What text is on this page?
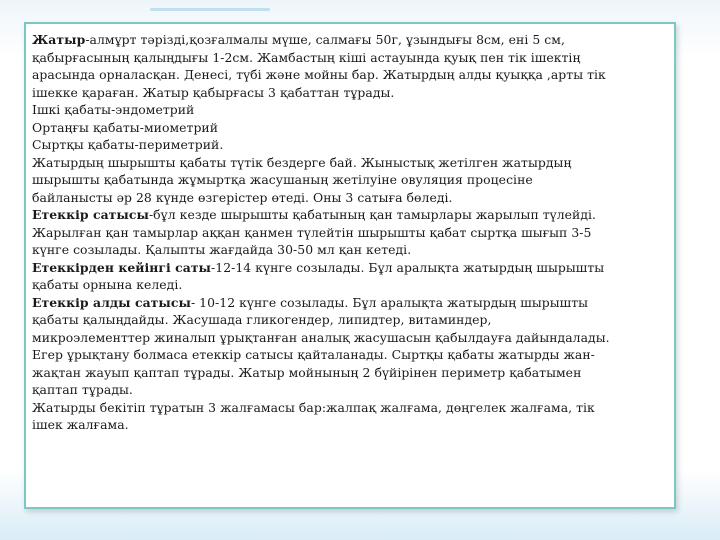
Жатыр-алмұрт тәрізді,қозғалмалы мүше, салмағы 50г, ұзындығы 8см, ені 5 см,
қабырғасының қалыңдығы 1-2см. Жамбастың кіші астауында қуық пен тік ішектің
арасында орналасқан. Денесі, түбі және мойны бар. Жатырдың алды қуыққа ,арты тік
ішекке қараған. Жатыр қабырғасы 3 қабаттан тұрады.
Ішкі қабаты-эндометрий
Ортаңғы қабаты-миометрий
Сыртқы қабаты-периметрий.
Жатырдың шырышты қабаты түтік бездерге бай. Жыныстық жетілген жатырдың
шырышты қабатында жұмыртқа жасушаның жетілуіне овуляция процесіне
байланысты әр 28 күнде өзгерістер өтеді. Оны 3 сатыға бөледі.
Етеккір сатысы-бұл кезде шырышты қабатының қан тамырлары жарылып түлейді.
Жарылған қан тамырлар аққан қанмен түлейтін шырышты қабат сыртқа шығып 3-5
күнге созылады. Қалыпты жағдайда 30-50 мл қан кетеді.
Етеккірден кейінгі саты-12-14 күнге созылады. Бұл аралықта жатырдың шырышты
қабаты орнына келеді.
Етеккір алды сатысы- 10-12 күнге созылады. Бұл аралықта жатырдың шырышты
қабаты қалыңдайды. Жасушада гликогендер, липидтер, витаминдер,
микроэлементтер жиналып ұрықтанған аналық жасушасын қабылдауға дайындалады.
Егер ұрықтану болмаса етеккір сатысы қайталанады. Сыртқы қабаты жатырды жан-
жақтан жауып қаптап тұрады. Жатыр мойнының 2 бүйірінен периметр қабатымен
қаптап тұрады.
Жатырды бекітіп тұратын 3 жалғамасы бар:жалпақ жалғама, дөңгелек жалғама, тік
ішек жалғама.
